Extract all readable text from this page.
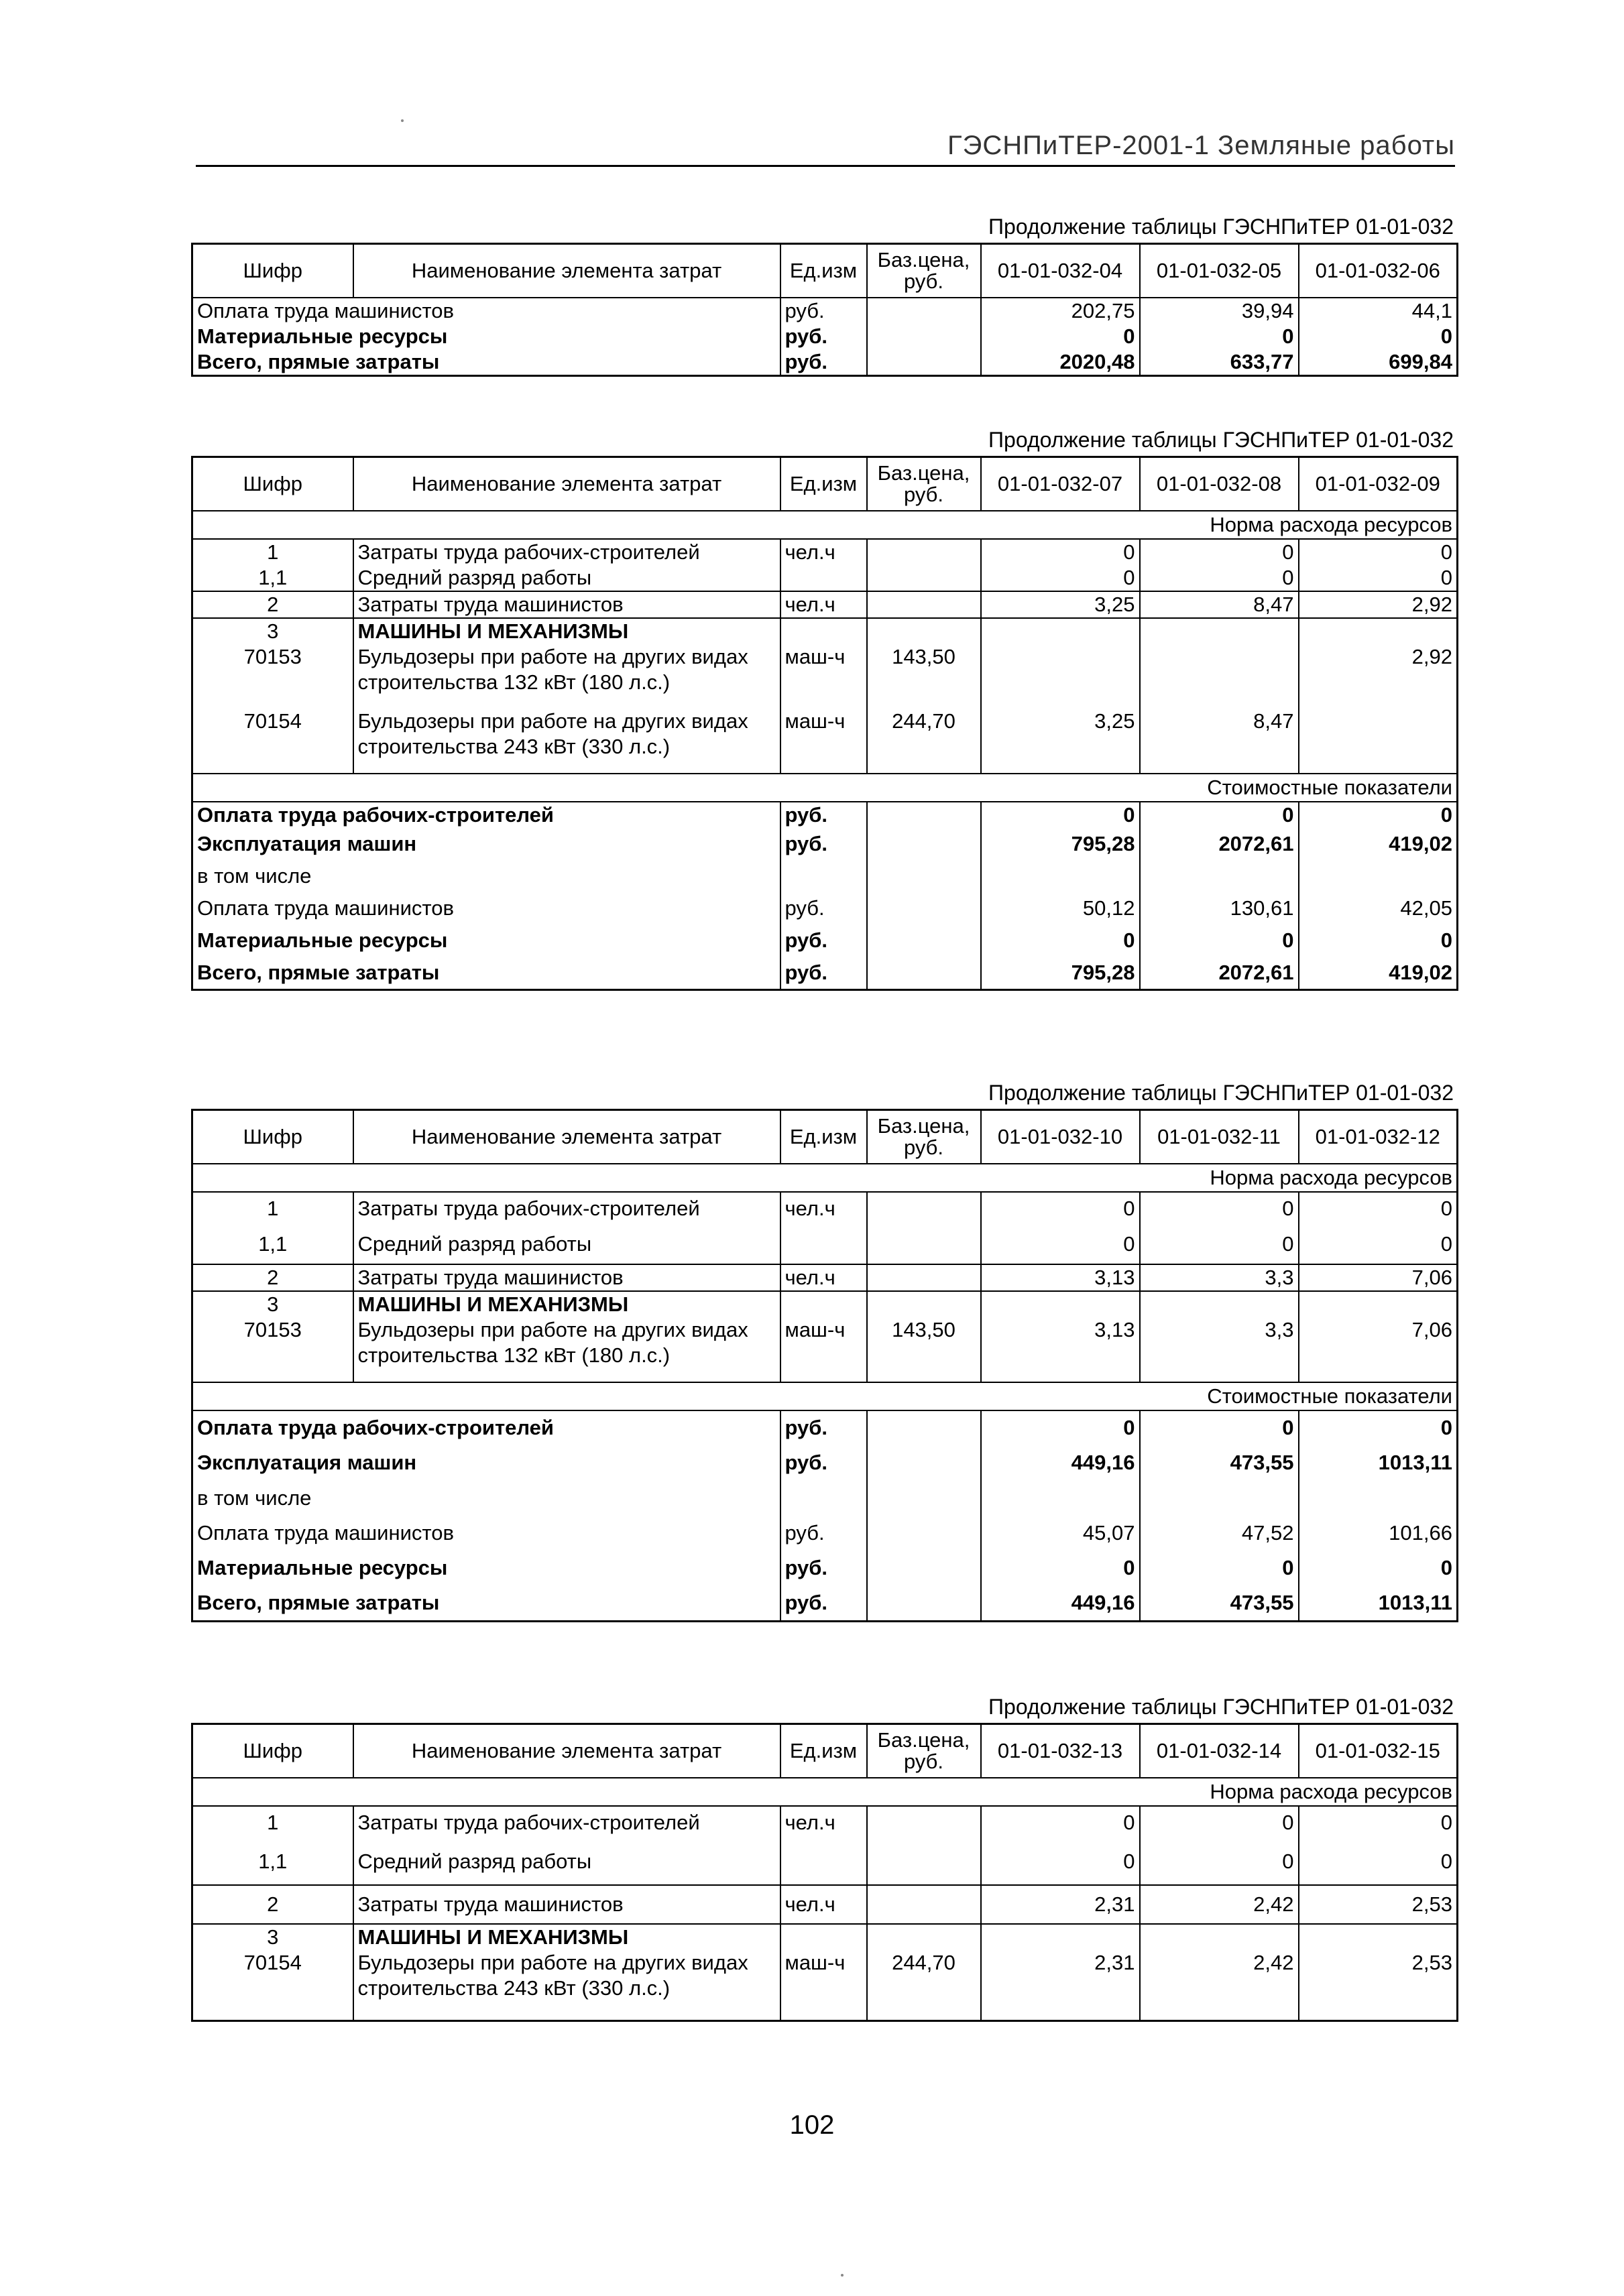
ГЭСНПиТЕР-2001-1 Земляные работы
Продолжение таблицы ГЭСНПиТЕР 01-01-032
Шифр	Наименование элемента затрат	Ед.изм	Баз.цена, руб.	01-01-032-04	01-01-032-05	01-01-032-06
Оплата труда машинистов		руб.		202,75	39,94	44,1
Материальные ресурсы		руб.		0	0	0
Всего, прямые затраты		руб.		2020,48	633,77	699,84
Продолжение таблицы ГЭСНПиТЕР 01-01-032
Шифр	Наименование элемента затрат	Ед.изм	Баз.цена, руб.	01-01-032-07	01-01-032-08	01-01-032-09
Норма расхода ресурсов						
1	Затраты труда рабочих-строителей	чел.ч		0	0	0
1,1	Средний разряд работы			0	0	0
2	Затраты труда машинистов	чел.ч		3,25	8,47	2,92
3	МАШИНЫ И МЕХАНИЗМЫ					
70153	Бульдозеры при работе на других видах строительства 132 кВт (180 л.с.)	маш-ч	143,50			2,92
70154	Бульдозеры при работе на других видах строительства 243 кВт (330 л.с.)	маш-ч	244,70	3,25	8,47	
Стоимостные показатели						
Оплата труда рабочих-строителей		руб.		0	0	0
Эксплуатация машин		руб.		795,28	2072,61	419,02
в том числе						
Оплата труда машинистов		руб.		50,12	130,61	42,05
Материальные ресурсы		руб.		0	0	0
Всего, прямые затраты		руб.		795,28	2072,61	419,02
Продолжение таблицы ГЭСНПиТЕР 01-01-032
Шифр	Наименование элемента затрат	Ед.изм	Баз.цена, руб.	01-01-032-10	01-01-032-11	01-01-032-12
Норма расхода ресурсов						
1	Затраты труда рабочих-строителей	чел.ч		0	0	0
1,1	Средний разряд работы			0	0	0
2	Затраты труда машинистов	чел.ч		3,13	3,3	7,06
3	МАШИНЫ И МЕХАНИЗМЫ					
70153	Бульдозеры при работе на других видах строительства 132 кВт (180 л.с.)	маш-ч	143,50	3,13	3,3	7,06
Стоимостные показатели						
Оплата труда рабочих-строителей		руб.		0	0	0
Эксплуатация машин		руб.		449,16	473,55	1013,11
в том числе						
Оплата труда машинистов		руб.		45,07	47,52	101,66
Материальные ресурсы		руб.		0	0	0
Всего, прямые затраты		руб.		449,16	473,55	1013,11
Продолжение таблицы ГЭСНПиТЕР 01-01-032
Шифр	Наименование элемента затрат	Ед.изм	Баз.цена, руб.	01-01-032-13	01-01-032-14	01-01-032-15
Норма расхода ресурсов						
1	Затраты труда рабочих-строителей	чел.ч		0	0	0
1,1	Средний разряд работы			0	0	0
2	Затраты труда машинистов	чел.ч		2,31	2,42	2,53
3	МАШИНЫ И МЕХАНИЗМЫ					
70154	Бульдозеры при работе на других видах строительства 243 кВт (330 л.с.)	маш-ч	244,70	2,31	2,42	2,53
102
